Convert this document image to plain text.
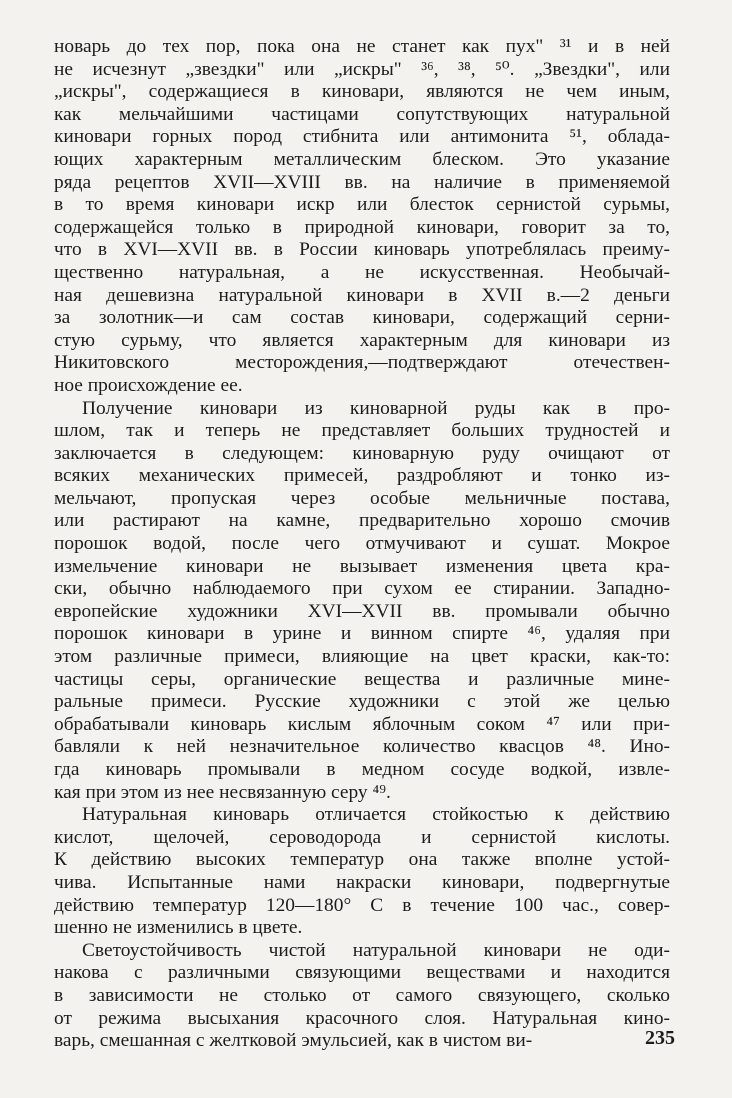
новарь до тех пор, пока она не станет как пух" ³¹ и в ней
не исчезнут „звездки" или „искры" ³⁶, ³⁸, ⁵⁰. „Звездки", или
„искры", содержащиеся в киновари, являются не чем иным,
как мельчайшими частицами сопутствующих натуральной
киновари горных пород стибнита или антимонита ⁵¹, облада-
ющих характерным металлическим блеском. Это указание
ряда рецептов XVII—XVIII вв. на наличие в применяемой
в то время киновари искр или блесток сернистой сурьмы,
содержащейся только в природной киновари, говорит за то,
что в XVI—XVII вв. в России киноварь употреблялась преиму-
щественно натуральная, а не искусственная. Необычай-
ная дешевизна натуральной киновари в XVII в.—2 деньги
за золотник—и сам состав киновари, содержащий серни-
стую сурьму, что является характерным для киновари из
Никитовского месторождения,—подтверждают отечествен-
ное происхождение ее.
Получение киновари из киноварной руды как в про-
шлом, так и теперь не представляет больших трудностей и
заключается в следующем: киноварную руду очищают от
всяких механических примесей, раздробляют и тонко из-
мельчают, пропуская через особые мельничные постава,
или растирают на камне, предварительно хорошо смочив
порошок водой, после чего отмучивают и сушат. Мокрое
измельчение киновари не вызывает изменения цвета кра-
ски, обычно наблюдаемого при сухом ее стирании. Западно-
европейские художники XVI—XVII вв. промывали обычно
порошок киновари в урине и винном спирте ⁴⁶, удаляя при
этом различные примеси, влияющие на цвет краски, как-то:
частицы серы, органические вещества и различные мине-
ральные примеси. Русские художники с этой же целью
обрабатывали киноварь кислым яблочным соком ⁴⁷ или при-
бавляли к ней незначительное количество квасцов ⁴⁸. Ино-
гда киноварь промывали в медном сосуде водкой, извле-
кая при этом из нее несвязанную серу ⁴⁹.
Натуральная киноварь отличается стойкостью к действию
кислот, щелочей, сероводорода и сернистой кислоты.
К действию высоких температур она также вполне устой-
чива. Испытанные нами накраски киновари, подвергнутые
действию температур 120—180° С в течение 100 час., совер-
шенно не изменились в цвете.
Светоустойчивость чистой натуральной киновари не оди-
накова с различными связующими веществами и находится
в зависимости не столько от самого связующего, сколько
от режима высыхания красочного слоя. Натуральная кино-
варь, смешанная с желтковой эмульсией, как в чистом ви-	235
